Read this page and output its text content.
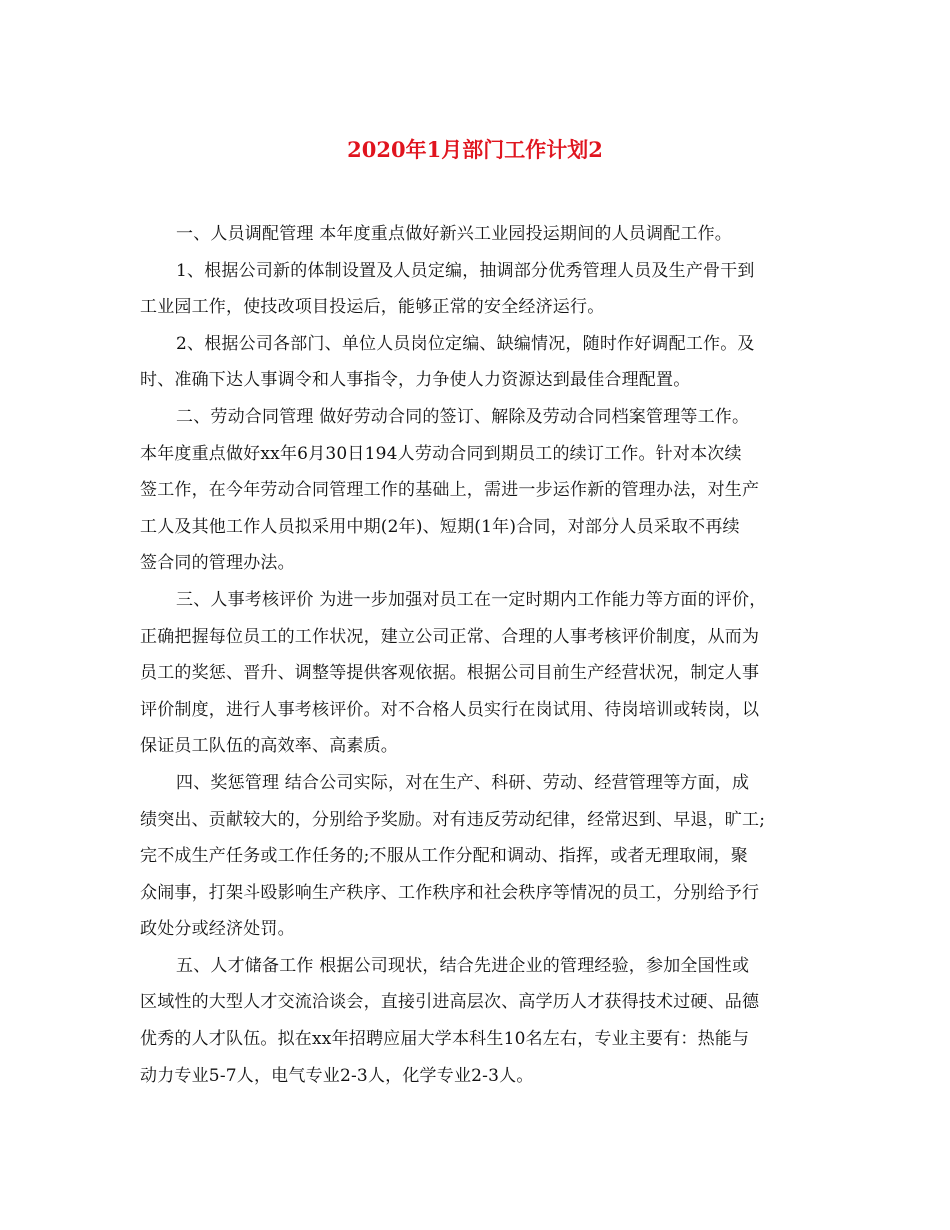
2020年1月部门工作计划2

一、人员调配管理 本年度重点做好新兴工业园投运期间的人员调配工作。

1、根据公司新的体制设置及人员定编，抽调部分优秀管理人员及生产骨干到
工业园工作，使技改项目投运后，能够正常的安全经济运行。

2、根据公司各部门、单位人员岗位定编、缺编情况，随时作好调配工作。及
时、准确下达人事调令和人事指令，力争使人力资源达到最佳合理配置。

二、劳动合同管理 做好劳动合同的签订、解除及劳动合同档案管理等工作。
本年度重点做好xx年6月30日194人劳动合同到期员工的续订工作。针对本次续
签工作，在今年劳动合同管理工作的基础上，需进一步运作新的管理办法，对生产
工人及其他工作人员拟采用中期(2年)、短期(1年)合同，对部分人员采取不再续
签合同的管理办法。

三、人事考核评价 为进一步加强对员工在一定时期内工作能力等方面的评价，
正确把握每位员工的工作状况，建立公司正常、合理的人事考核评价制度，从而为
员工的奖惩、晋升、调整等提供客观依据。根据公司目前生产经营状况，制定人事
评价制度，进行人事考核评价。对不合格人员实行在岗试用、待岗培训或转岗，以
保证员工队伍的高效率、高素质。

四、奖惩管理 结合公司实际，对在生产、科研、劳动、经营管理等方面，成
绩突出、贡献较大的，分别给予奖励。对有违反劳动纪律，经常迟到、早退，旷工;
完不成生产任务或工作任务的;不服从工作分配和调动、指挥，或者无理取闹，聚
众闹事，打架斗殴影响生产秩序、工作秩序和社会秩序等情况的员工，分别给予行
政处分或经济处罚。

五、人才储备工作 根据公司现状，结合先进企业的管理经验，参加全国性或
区域性的大型人才交流洽谈会，直接引进高层次、高学历人才获得技术过硬、品德
优秀的人才队伍。拟在xx年招聘应届大学本科生10名左右，专业主要有：热能与
动力专业5-7人，电气专业2-3人，化学专业2-3人。
